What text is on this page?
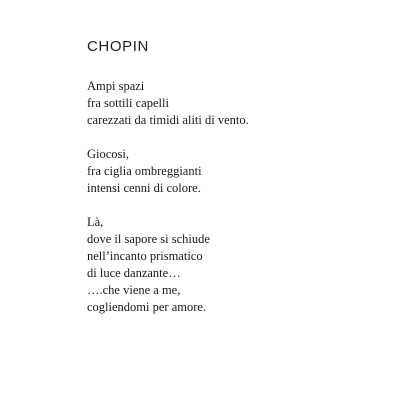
CHOPIN
Ampi spazi
fra sottili capelli
carezzati da timidi aliti di vento.
Giocosi,
fra ciglia ombreggianti
intensi cenni di colore.
Là,
dove il sapore si schiude
nell’incanto prismatico
di luce danzante…
….che viene a me,
cogliendomi per amore.
